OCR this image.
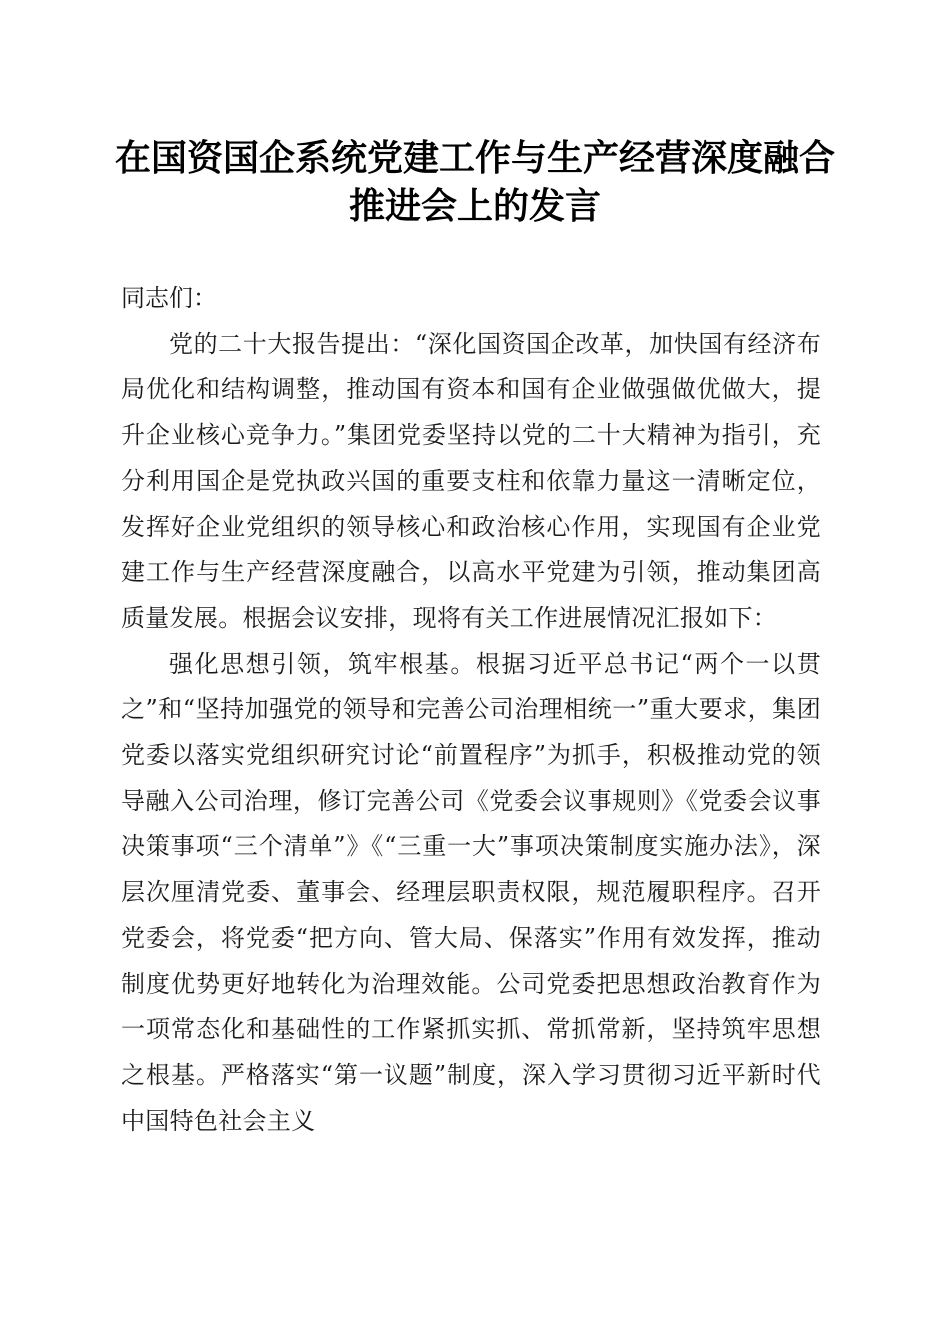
在国资国企系统党建工作与生产经营深度融合
推进会上的发言

同志们：

党的二十大报告提出：“深化国资国企改革，加快国有经济布局优化和结构调整，推动国有资本和国有企业做强做优做大，提升企业核心竞争力。”集团党委坚持以党的二十大精神为指引，充分利用国企是党执政兴国的重要支柱和依靠力量这一清晰定位，发挥好企业党组织的领导核心和政治核心作用，实现国有企业党建工作与生产经营深度融合，以高水平党建为引领，推动集团高质量发展。根据会议安排，现将有关工作进展情况汇报如下：

强化思想引领，筑牢根基。根据习近平总书记“两个一以贯之”和“坚持加强党的领导和完善公司治理相统一”重大要求，集团党委以落实党组织研究讨论“前置程序”为抓手，积极推动党的领导融入公司治理，修订完善公司《党委会议事规则》《党委会议事决策事项“三个清单”》《“三重一大”事项决策制度实施办法》，深层次厘清党委、董事会、经理层职责权限，规范履职程序。召开党委会，将党委“把方向、管大局、保落实”作用有效发挥，推动制度优势更好地转化为治理效能。公司党委把思想政治教育作为一项常态化和基础性的工作紧抓实抓、常抓常新，坚持筑牢思想之根基。严格落实“第一议题”制度，深入学习贯彻习近平新时代中国特色社会主义
